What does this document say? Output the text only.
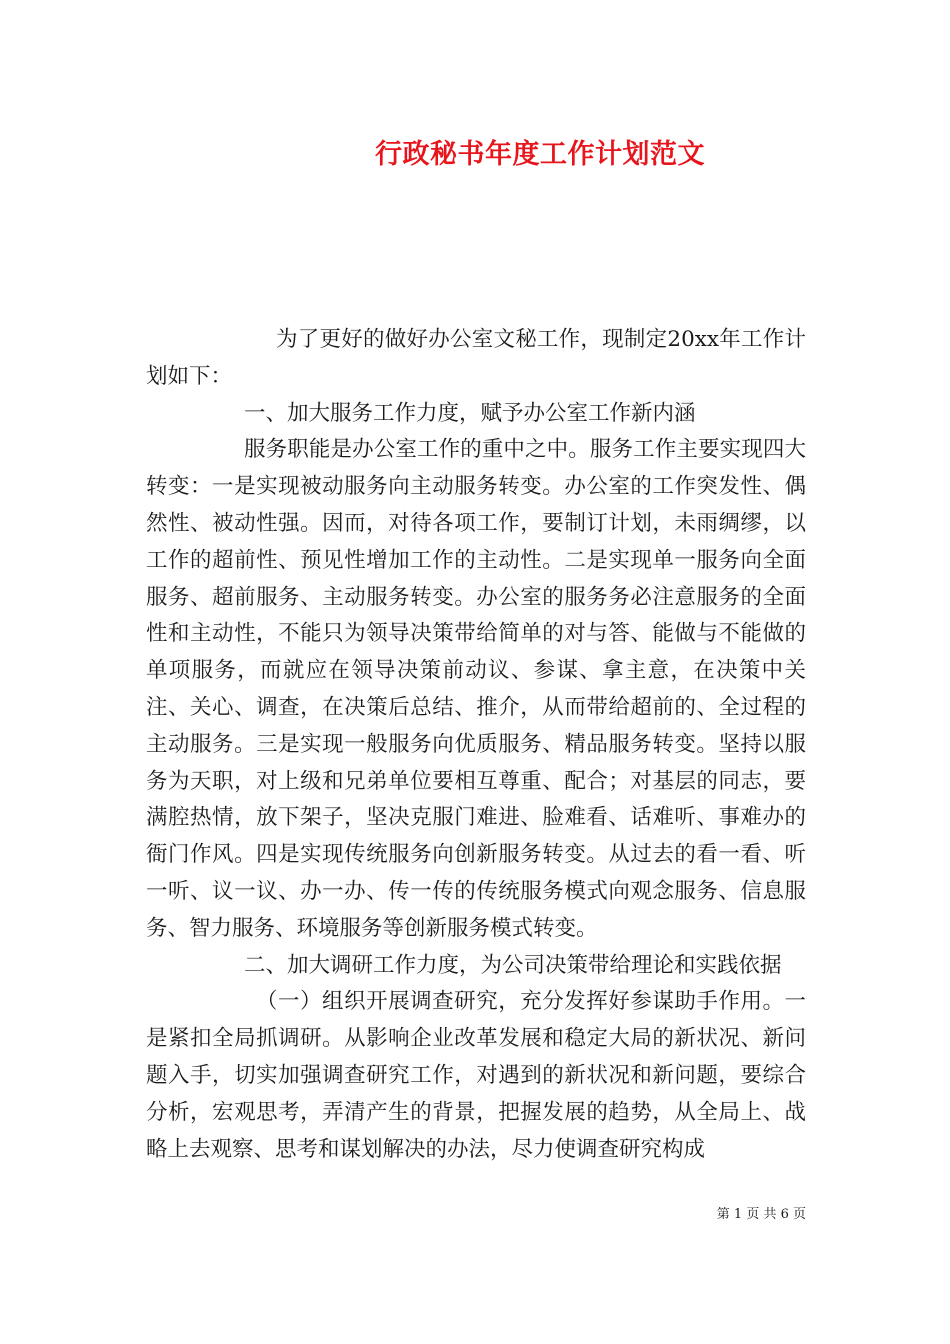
行政秘书年度工作计划范文

为了更好的做好办公室文秘工作，现制定20xx年工作计划如下：

一、加大服务工作力度，赋予办公室工作新内涵

服务职能是办公室工作的重中之中。服务工作主要实现四大转变：一是实现被动服务向主动服务转变。办公室的工作突发性、偶然性、被动性强。因而，对待各项工作，要制订计划，未雨绸缪，以工作的超前性、预见性增加工作的主动性。二是实现单一服务向全面服务、超前服务、主动服务转变。办公室的服务务必注意服务的全面性和主动性，不能只为领导决策带给简单的对与答、能做与不能做的单项服务，而就应在领导决策前动议、参谋、拿主意，在决策中关注、关心、调查，在决策后总结、推介，从而带给超前的、全过程的主动服务。三是实现一般服务向优质服务、精品服务转变。坚持以服务为天职，对上级和兄弟单位要相互尊重、配合；对基层的同志，要满腔热情，放下架子，坚决克服门难进、脸难看、话难听、事难办的衙门作风。四是实现传统服务向创新服务转变。从过去的看一看、听一听、议一议、办一办、传一传的传统服务模式向观念服务、信息服务、智力服务、环境服务等创新服务模式转变。

二、加大调研工作力度，为公司决策带给理论和实践依据

（一）组织开展调查研究，充分发挥好参谋助手作用。一是紧扣全局抓调研。从影响企业改革发展和稳定大局的新状况、新问题入手，切实加强调查研究工作，对遇到的新状况和新问题，要综合分析，宏观思考，弄清产生的背景，把握发展的趋势，从全局上、战略上去观察、思考和谋划解决的办法，尽力使调查研究构成

第 1 页 共 6 页
